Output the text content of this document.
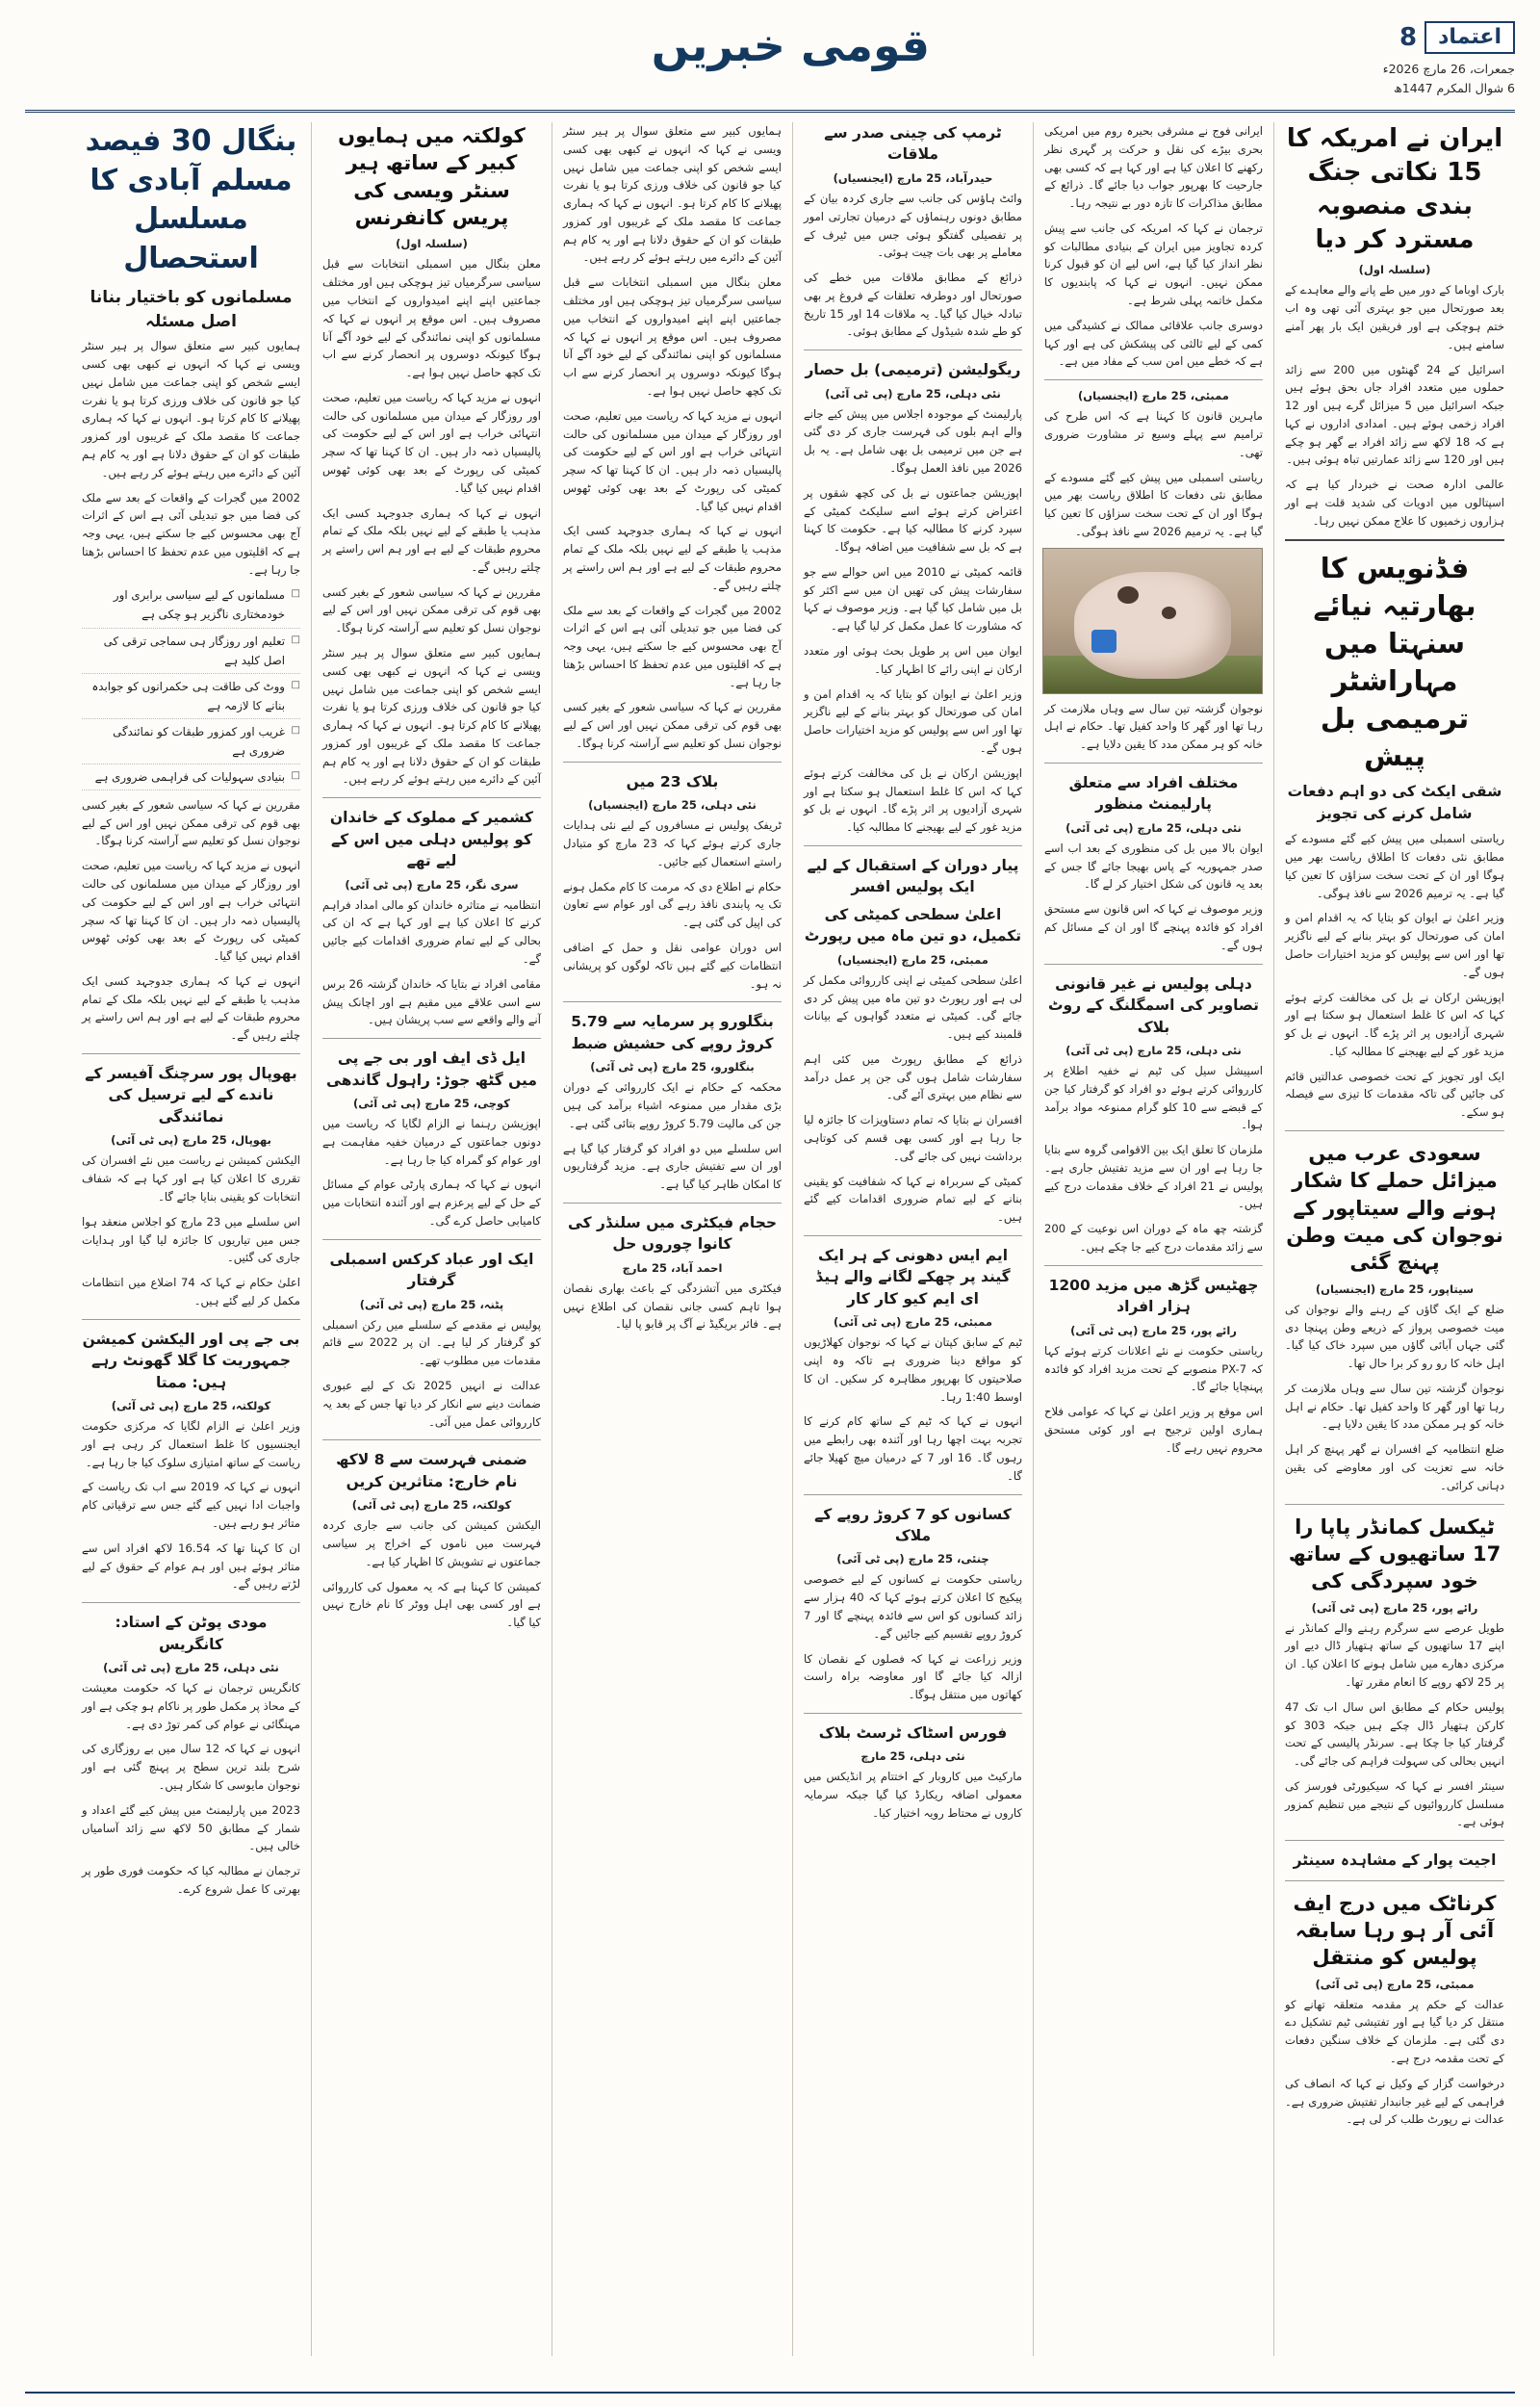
اعتماد
8
جمعرات، 26 مارچ 2026ء
6 شوال المکرم 1447ھ
قومی خبریں
ایران نے امریکہ کا 15 نکاتی جنگ بندی منصوبہ مسترد کر دیا
(سلسلہ اول)

بارک اوباما کے دور میں طے پانے والے معاہدے کے بعد صورتحال میں جو بہتری آئی تھی وہ اب ختم ہوچکی ہے اور فریقین ایک بار پھر آمنے سامنے ہیں۔

اسرائیل کے 24 گھنٹوں میں 200 سے زائد حملوں میں متعدد افراد جاں بحق ہوئے ہیں جبکہ اسرائیل میں 5 میزائل گرے ہیں اور 12 افراد زخمی ہوئے ہیں۔ امدادی اداروں نے کہا ہے کہ 18 لاکھ سے زائد افراد بے گھر ہو چکے ہیں اور 120 سے زائد عمارتیں تباہ ہوئی ہیں۔

عالمی ادارہ صحت نے خبردار کیا ہے کہ اسپتالوں میں ادویات کی شدید قلت ہے اور ہزاروں زخمیوں کا علاج ممکن نہیں رہا۔

فڈنویس کا بھارتیہ نیائے سنہتا میں مہاراشٹر ترمیمی بل پیش
شقی ایکٹ کی دو اہم دفعات شامل کرنے کی تجویز

ریاستی اسمبلی میں پیش کیے گئے مسودے کے مطابق نئی دفعات کا اطلاق ریاست بھر میں ہوگا اور ان کے تحت سخت سزاؤں کا تعین کیا گیا ہے۔ یہ ترمیم 2026 سے نافذ ہوگی۔

وزیر اعلیٰ نے ایوان کو بتایا کہ یہ اقدام امن و امان کی صورتحال کو بہتر بنانے کے لیے ناگزیر تھا اور اس سے پولیس کو مزید اختیارات حاصل ہوں گے۔

اپوزیشن ارکان نے بل کی مخالفت کرتے ہوئے کہا کہ اس کا غلط استعمال ہو سکتا ہے اور شہری آزادیوں پر اثر پڑے گا۔ انہوں نے بل کو مزید غور کے لیے بھیجنے کا مطالبہ کیا۔

ایک اور تجویز کے تحت خصوصی عدالتیں قائم کی جائیں گی تاکہ مقدمات کا تیزی سے فیصلہ ہو سکے۔

سعودی عرب میں میزائل حملے کا شکار ہونے والے سیتاپور کے نوجوان کی میت وطن پہنچ گئی
سیتاپور، 25 مارچ (ایجنسیاں)

ضلع کے ایک گاؤں کے رہنے والے نوجوان کی میت خصوصی پرواز کے ذریعے وطن پہنچا دی گئی جہاں آبائی گاؤں میں سپرد خاک کیا گیا۔ اہل خانہ کا رو رو کر برا حال تھا۔

نوجوان گزشتہ تین سال سے وہاں ملازمت کر رہا تھا اور گھر کا واحد کفیل تھا۔ حکام نے اہل خانہ کو ہر ممکن مدد کا یقین دلایا ہے۔

ضلع انتظامیہ کے افسران نے گھر پہنچ کر اہل خانہ سے تعزیت کی اور معاوضے کی یقین دہانی کرائی۔

ٹیکسل کمانڈر پاپا را 17 ساتھیوں کے ساتھ خود سپردگی کی
رائے پور، 25 مارچ (پی ٹی آئی)

طویل عرصے سے سرگرم رہنے والے کمانڈر نے اپنے 17 ساتھیوں کے ساتھ ہتھیار ڈال دیے اور مرکزی دھارے میں شامل ہونے کا اعلان کیا۔ ان پر 25 لاکھ روپے کا انعام مقرر تھا۔

پولیس حکام کے مطابق اس سال اب تک 47 کارکن ہتھیار ڈال چکے ہیں جبکہ 303 کو گرفتار کیا جا چکا ہے۔ سرنڈر پالیسی کے تحت انہیں بحالی کی سہولت فراہم کی جائے گی۔

سینئر افسر نے کہا کہ سیکیورٹی فورسز کی مسلسل کارروائیوں کے نتیجے میں تنظیم کمزور ہوئی ہے۔

اجیت پوار کے مشاہدہ سینٹر
کرناٹک میں درج ایف آئی آر ہو رہا سابقہ پولیس کو منتقل
ممبئی، 25 مارچ (پی ٹی آئی)

عدالت کے حکم پر مقدمہ متعلقہ تھانے کو منتقل کر دیا گیا ہے اور تفتیشی ٹیم تشکیل دے دی گئی ہے۔ ملزمان کے خلاف سنگین دفعات کے تحت مقدمہ درج ہے۔

درخواست گزار کے وکیل نے کہا کہ انصاف کی فراہمی کے لیے غیر جانبدار تفتیش ضروری ہے۔ عدالت نے رپورٹ طلب کر لی ہے۔

ایرانی فوج نے مشرقی بحیرہ روم میں امریکی بحری بیڑے کی نقل و حرکت پر گہری نظر رکھنے کا اعلان کیا ہے اور کہا ہے کہ کسی بھی جارحیت کا بھرپور جواب دیا جائے گا۔ ذرائع کے مطابق مذاکرات کا تازہ دور بے نتیجہ رہا۔

ترجمان نے کہا کہ امریکہ کی جانب سے پیش کردہ تجاویز میں ایران کے بنیادی مطالبات کو نظر انداز کیا گیا ہے، اس لیے ان کو قبول کرنا ممکن نہیں۔ انہوں نے کہا کہ پابندیوں کا مکمل خاتمہ پہلی شرط ہے۔

دوسری جانب علاقائی ممالک نے کشیدگی میں کمی کے لیے ثالثی کی پیشکش کی ہے اور کہا ہے کہ خطے میں امن سب کے مفاد میں ہے۔

ممبئی، 25 مارچ (ایجنسیاں)

ماہرین قانون کا کہنا ہے کہ اس طرح کی ترامیم سے پہلے وسیع تر مشاورت ضروری تھی۔

ریاستی اسمبلی میں پیش کیے گئے مسودے کے مطابق نئی دفعات کا اطلاق ریاست بھر میں ہوگا اور ان کے تحت سخت سزاؤں کا تعین کیا گیا ہے۔ یہ ترمیم 2026 سے نافذ ہوگی۔

نوجوان گزشتہ تین سال سے وہاں ملازمت کر رہا تھا اور گھر کا واحد کفیل تھا۔ حکام نے اہل خانہ کو ہر ممکن مدد کا یقین دلایا ہے۔

مختلف افراد سے متعلق پارلیمنٹ منظور
نئی دہلی، 25 مارچ (پی ٹی آئی)

ایوان بالا میں بل کی منظوری کے بعد اب اسے صدر جمہوریہ کے پاس بھیجا جائے گا جس کے بعد یہ قانون کی شکل اختیار کر لے گا۔

وزیر موصوف نے کہا کہ اس قانون سے مستحق افراد کو فائدہ پہنچے گا اور ان کے مسائل کم ہوں گے۔

دہلی پولیس نے غیر قانونی تصاویر کی اسمگلنگ کے روٹ بلاک
نئی دہلی، 25 مارچ (پی ٹی آئی)

اسپیشل سیل کی ٹیم نے خفیہ اطلاع پر کارروائی کرتے ہوئے دو افراد کو گرفتار کیا جن کے قبضے سے 10 کلو گرام ممنوعہ مواد برآمد ہوا۔

ملزمان کا تعلق ایک بین الاقوامی گروہ سے بتایا جا رہا ہے اور ان سے مزید تفتیش جاری ہے۔ پولیس نے 21 افراد کے خلاف مقدمات درج کیے ہیں۔

گزشتہ چھ ماہ کے دوران اس نوعیت کے 200 سے زائد مقدمات درج کیے جا چکے ہیں۔

چھٹیس گڑھ میں مزید 1200 ہزار افراد
رائے پور، 25 مارچ (پی ٹی آئی)

ریاستی حکومت نے نئے اعلانات کرتے ہوئے کہا کہ PX-7 منصوبے کے تحت مزید افراد کو فائدہ پہنچایا جائے گا۔

اس موقع پر وزیر اعلیٰ نے کہا کہ عوامی فلاح ہماری اولین ترجیح ہے اور کوئی مستحق محروم نہیں رہے گا۔

ٹرمپ کی چینی صدر سے ملاقات
حیدرآباد، 25 مارچ (ایجنسیاں)

وائٹ ہاؤس کی جانب سے جاری کردہ بیان کے مطابق دونوں رہنماؤں کے درمیان تجارتی امور پر تفصیلی گفتگو ہوئی جس میں ٹیرف کے معاملے پر بھی بات چیت ہوئی۔

ذرائع کے مطابق ملاقات میں خطے کی صورتحال اور دوطرفہ تعلقات کے فروغ پر بھی تبادلہ خیال کیا گیا۔ یہ ملاقات 14 اور 15 تاریخ کو طے شدہ شیڈول کے مطابق ہوئی۔

ریگولیشن (ترمیمی) بل حصار
نئی دہلی، 25 مارچ (پی ٹی آئی)

پارلیمنٹ کے موجودہ اجلاس میں پیش کیے جانے والے اہم بلوں کی فہرست جاری کر دی گئی ہے جن میں ترمیمی بل بھی شامل ہے۔ یہ بل 2026 میں نافذ العمل ہوگا۔

اپوزیشن جماعتوں نے بل کی کچھ شقوں پر اعتراض کرتے ہوئے اسے سلیکٹ کمیٹی کے سپرد کرنے کا مطالبہ کیا ہے۔ حکومت کا کہنا ہے کہ بل سے شفافیت میں اضافہ ہوگا۔

قائمہ کمیٹی نے 2010 میں اس حوالے سے جو سفارشات پیش کی تھیں ان میں سے اکثر کو بل میں شامل کیا گیا ہے۔ وزیر موصوف نے کہا کہ مشاورت کا عمل مکمل کر لیا گیا ہے۔

ایوان میں اس پر طویل بحث ہوئی اور متعدد ارکان نے اپنی رائے کا اظہار کیا۔

وزیر اعلیٰ نے ایوان کو بتایا کہ یہ اقدام امن و امان کی صورتحال کو بہتر بنانے کے لیے ناگزیر تھا اور اس سے پولیس کو مزید اختیارات حاصل ہوں گے۔

اپوزیشن ارکان نے بل کی مخالفت کرتے ہوئے کہا کہ اس کا غلط استعمال ہو سکتا ہے اور شہری آزادیوں پر اثر پڑے گا۔ انہوں نے بل کو مزید غور کے لیے بھیجنے کا مطالبہ کیا۔

پیار دوران کے استقبال کے لیے ایک پولیس افسر
اعلیٰ سطحی کمیٹی کی تکمیل، دو تین ماہ میں رپورٹ
ممبئی، 25 مارچ (ایجنسیاں)

اعلیٰ سطحی کمیٹی نے اپنی کارروائی مکمل کر لی ہے اور رپورٹ دو تین ماہ میں پیش کر دی جائے گی۔ کمیٹی نے متعدد گواہوں کے بیانات قلمبند کیے ہیں۔

ذرائع کے مطابق رپورٹ میں کئی اہم سفارشات شامل ہوں گی جن پر عمل درآمد سے نظام میں بہتری آئے گی۔

افسران نے بتایا کہ تمام دستاویزات کا جائزہ لیا جا رہا ہے اور کسی بھی قسم کی کوتاہی برداشت نہیں کی جائے گی۔

کمیٹی کے سربراہ نے کہا کہ شفافیت کو یقینی بنانے کے لیے تمام ضروری اقدامات کیے گئے ہیں۔

ایم ایس دھونی کے ہر ایک گیند پر چھکے لگانے والے ہیڈ ای ایم کیو کار کار
ممبئی، 25 مارچ (پی ٹی آئی)

ٹیم کے سابق کپتان نے کہا کہ نوجوان کھلاڑیوں کو مواقع دینا ضروری ہے تاکہ وہ اپنی صلاحیتوں کا بھرپور مظاہرہ کر سکیں۔ ان کا اوسط 1:40 رہا۔

انہوں نے کہا کہ ٹیم کے ساتھ کام کرنے کا تجربہ بہت اچھا رہا اور آئندہ بھی رابطے میں رہوں گا۔ 16 اور 7 کے درمیان میچ کھیلا جائے گا۔

کسانوں کو 7 کروڑ روپے کے ملاک
چنئی، 25 مارچ (پی ٹی آئی)

ریاستی حکومت نے کسانوں کے لیے خصوصی پیکیج کا اعلان کرتے ہوئے کہا کہ 40 ہزار سے زائد کسانوں کو اس سے فائدہ پہنچے گا اور 7 کروڑ روپے تقسیم کیے جائیں گے۔

وزیر زراعت نے کہا کہ فصلوں کے نقصان کا ازالہ کیا جائے گا اور معاوضہ براہ راست کھاتوں میں منتقل ہوگا۔

فورس اسٹاک ٹرسٹ بلاک
نئی دہلی، 25 مارچ

مارکیٹ میں کاروبار کے اختتام پر انڈیکس میں معمولی اضافہ ریکارڈ کیا گیا جبکہ سرمایہ کاروں نے محتاط رویہ اختیار کیا۔

ہمایوں کبیر سے متعلق سوال پر ہیر سنٹر ویسی نے کہا کہ انہوں نے کبھی بھی کسی ایسے شخص کو اپنی جماعت میں شامل نہیں کیا جو قانون کی خلاف ورزی کرتا ہو یا نفرت پھیلانے کا کام کرتا ہو۔ انہوں نے کہا کہ ہماری جماعت کا مقصد ملک کے غریبوں اور کمزور طبقات کو ان کے حقوق دلانا ہے اور یہ کام ہم آئین کے دائرے میں رہتے ہوئے کر رہے ہیں۔

معلن بنگال میں اسمبلی انتخابات سے قبل سیاسی سرگرمیاں تیز ہوچکی ہیں اور مختلف جماعتیں اپنے اپنے امیدواروں کے انتخاب میں مصروف ہیں۔ اس موقع پر انہوں نے کہا کہ مسلمانوں کو اپنی نمائندگی کے لیے خود آگے آنا ہوگا کیونکہ دوسروں پر انحصار کرنے سے اب تک کچھ حاصل نہیں ہوا ہے۔

انہوں نے مزید کہا کہ ریاست میں تعلیم، صحت اور روزگار کے میدان میں مسلمانوں کی حالت انتہائی خراب ہے اور اس کے لیے حکومت کی پالیسیاں ذمہ دار ہیں۔ ان کا کہنا تھا کہ سچر کمیٹی کی رپورٹ کے بعد بھی کوئی ٹھوس اقدام نہیں کیا گیا۔

انہوں نے کہا کہ ہماری جدوجہد کسی ایک مذہب یا طبقے کے لیے نہیں بلکہ ملک کے تمام محروم طبقات کے لیے ہے اور ہم اس راستے پر چلتے رہیں گے۔

2002 میں گجرات کے واقعات کے بعد سے ملک کی فضا میں جو تبدیلی آئی ہے اس کے اثرات آج بھی محسوس کیے جا سکتے ہیں، یہی وجہ ہے کہ اقلیتوں میں عدم تحفظ کا احساس بڑھتا جا رہا ہے۔

مقررین نے کہا کہ سیاسی شعور کے بغیر کسی بھی قوم کی ترقی ممکن نہیں اور اس کے لیے نوجوان نسل کو تعلیم سے آراستہ کرنا ہوگا۔

بلاک 23 میں
نئی دہلی، 25 مارچ (ایجنسیاں)

ٹریفک پولیس نے مسافروں کے لیے نئی ہدایات جاری کرتے ہوئے کہا کہ 23 مارچ کو متبادل راستے استعمال کیے جائیں۔

حکام نے اطلاع دی کہ مرمت کا کام مکمل ہونے تک یہ پابندی نافذ رہے گی اور عوام سے تعاون کی اپیل کی گئی ہے۔

اس دوران عوامی نقل و حمل کے اضافی انتظامات کیے گئے ہیں تاکہ لوگوں کو پریشانی نہ ہو۔

بنگلورو پر سرمایہ سے 5.79 کروڑ روپے کی حشیش ضبط
بنگلورو، 25 مارچ (پی ٹی آئی)

محکمہ کے حکام نے ایک کارروائی کے دوران بڑی مقدار میں ممنوعہ اشیاء برآمد کی ہیں جن کی مالیت 5.79 کروڑ روپے بتائی گئی ہے۔

اس سلسلے میں دو افراد کو گرفتار کیا گیا ہے اور ان سے تفتیش جاری ہے۔ مزید گرفتاریوں کا امکان ظاہر کیا گیا ہے۔

حجام فیکٹری میں سلنڈر کی کانوا چوروں حل
احمد آباد، 25 مارچ

فیکٹری میں آتشزدگی کے باعث بھاری نقصان ہوا تاہم کسی جانی نقصان کی اطلاع نہیں ہے۔ فائر بریگیڈ نے آگ پر قابو پا لیا۔

کولکتہ میں ہمایوں کبیر کے ساتھ ہیر سنٹر ویسی کی پریس کانفرنس
(سلسلہ اول)

معلن بنگال میں اسمبلی انتخابات سے قبل سیاسی سرگرمیاں تیز ہوچکی ہیں اور مختلف جماعتیں اپنے اپنے امیدواروں کے انتخاب میں مصروف ہیں۔ اس موقع پر انہوں نے کہا کہ مسلمانوں کو اپنی نمائندگی کے لیے خود آگے آنا ہوگا کیونکہ دوسروں پر انحصار کرنے سے اب تک کچھ حاصل نہیں ہوا ہے۔

انہوں نے مزید کہا کہ ریاست میں تعلیم، صحت اور روزگار کے میدان میں مسلمانوں کی حالت انتہائی خراب ہے اور اس کے لیے حکومت کی پالیسیاں ذمہ دار ہیں۔ ان کا کہنا تھا کہ سچر کمیٹی کی رپورٹ کے بعد بھی کوئی ٹھوس اقدام نہیں کیا گیا۔

انہوں نے کہا کہ ہماری جدوجہد کسی ایک مذہب یا طبقے کے لیے نہیں بلکہ ملک کے تمام محروم طبقات کے لیے ہے اور ہم اس راستے پر چلتے رہیں گے۔

مقررین نے کہا کہ سیاسی شعور کے بغیر کسی بھی قوم کی ترقی ممکن نہیں اور اس کے لیے نوجوان نسل کو تعلیم سے آراستہ کرنا ہوگا۔

ہمایوں کبیر سے متعلق سوال پر ہیر سنٹر ویسی نے کہا کہ انہوں نے کبھی بھی کسی ایسے شخص کو اپنی جماعت میں شامل نہیں کیا جو قانون کی خلاف ورزی کرتا ہو یا نفرت پھیلانے کا کام کرتا ہو۔ انہوں نے کہا کہ ہماری جماعت کا مقصد ملک کے غریبوں اور کمزور طبقات کو ان کے حقوق دلانا ہے اور یہ کام ہم آئین کے دائرے میں رہتے ہوئے کر رہے ہیں۔

کشمیر کے مملوک کے خاندان کو پولیس دہلی میں اس کے لیے تھے
سری نگر، 25 مارچ (پی ٹی آئی)

انتظامیہ نے متاثرہ خاندان کو مالی امداد فراہم کرنے کا اعلان کیا ہے اور کہا ہے کہ ان کی بحالی کے لیے تمام ضروری اقدامات کیے جائیں گے۔

مقامی افراد نے بتایا کہ خاندان گزشتہ 26 برس سے اسی علاقے میں مقیم ہے اور اچانک پیش آنے والے واقعے سے سب پریشان ہیں۔

ایل ڈی ایف اور بی جے پی میں گٹھ جوڑ: راہول گاندھی
کوچی، 25 مارچ (پی ٹی آئی)

اپوزیشن رہنما نے الزام لگایا کہ ریاست میں دونوں جماعتوں کے درمیان خفیہ مفاہمت ہے اور عوام کو گمراہ کیا جا رہا ہے۔

انہوں نے کہا کہ ہماری پارٹی عوام کے مسائل کے حل کے لیے پرعزم ہے اور آئندہ انتخابات میں کامیابی حاصل کرے گی۔

ایک اور عباد کرکس اسمبلی گرفتار
پٹنہ، 25 مارچ (پی ٹی آئی)

پولیس نے مقدمے کے سلسلے میں رکن اسمبلی کو گرفتار کر لیا ہے۔ ان پر 2022 سے قائم مقدمات میں مطلوب تھے۔

عدالت نے انہیں 2025 تک کے لیے عبوری ضمانت دینے سے انکار کر دیا تھا جس کے بعد یہ کارروائی عمل میں آئی۔

ضمنی فہرست سے 8 لاکھ نام خارج: متاثرین کریں
کولکتہ، 25 مارچ (پی ٹی آئی)

الیکشن کمیشن کی جانب سے جاری کردہ فہرست میں ناموں کے اخراج پر سیاسی جماعتوں نے تشویش کا اظہار کیا ہے۔

کمیشن کا کہنا ہے کہ یہ معمول کی کارروائی ہے اور کسی بھی اہل ووٹر کا نام خارج نہیں کیا گیا۔

بنگال 30 فیصد مسلم آبادی کا مسلسل استحصال
مسلمانوں کو باختیار بنانا اصل مسئلہ

ہمایوں کبیر سے متعلق سوال پر ہیر سنٹر ویسی نے کہا کہ انہوں نے کبھی بھی کسی ایسے شخص کو اپنی جماعت میں شامل نہیں کیا جو قانون کی خلاف ورزی کرتا ہو یا نفرت پھیلانے کا کام کرتا ہو۔ انہوں نے کہا کہ ہماری جماعت کا مقصد ملک کے غریبوں اور کمزور طبقات کو ان کے حقوق دلانا ہے اور یہ کام ہم آئین کے دائرے میں رہتے ہوئے کر رہے ہیں۔

2002 میں گجرات کے واقعات کے بعد سے ملک کی فضا میں جو تبدیلی آئی ہے اس کے اثرات آج بھی محسوس کیے جا سکتے ہیں، یہی وجہ ہے کہ اقلیتوں میں عدم تحفظ کا احساس بڑھتا جا رہا ہے۔

□ مسلمانوں کے لیے سیاسی برابری اور خودمختاری ناگزیر ہو چکی ہے
□ تعلیم اور روزگار ہی سماجی ترقی کی اصل کلید ہے
□ ووٹ کی طاقت ہی حکمرانوں کو جوابدہ بنانے کا لازمہ ہے
□ غریب اور کمزور طبقات کو نمائندگی ضروری ہے
□ بنیادی سہولیات کی فراہمی ضروری ہے

مقررین نے کہا کہ سیاسی شعور کے بغیر کسی بھی قوم کی ترقی ممکن نہیں اور اس کے لیے نوجوان نسل کو تعلیم سے آراستہ کرنا ہوگا۔

انہوں نے مزید کہا کہ ریاست میں تعلیم، صحت اور روزگار کے میدان میں مسلمانوں کی حالت انتہائی خراب ہے اور اس کے لیے حکومت کی پالیسیاں ذمہ دار ہیں۔ ان کا کہنا تھا کہ سچر کمیٹی کی رپورٹ کے بعد بھی کوئی ٹھوس اقدام نہیں کیا گیا۔

انہوں نے کہا کہ ہماری جدوجہد کسی ایک مذہب یا طبقے کے لیے نہیں بلکہ ملک کے تمام محروم طبقات کے لیے ہے اور ہم اس راستے پر چلتے رہیں گے۔

بھوپال پور سرچنگ آفیسر کے ناندے کے لیے ترسیل کی نمائندگی
بھوپال، 25 مارچ (پی ٹی آئی)

الیکشن کمیشن نے ریاست میں نئے افسران کی تقرری کا اعلان کیا ہے اور کہا ہے کہ شفاف انتخابات کو یقینی بنایا جائے گا۔

اس سلسلے میں 23 مارچ کو اجلاس منعقد ہوا جس میں تیاریوں کا جائزہ لیا گیا اور ہدایات جاری کی گئیں۔

اعلیٰ حکام نے کہا کہ 74 اضلاع میں انتظامات مکمل کر لیے گئے ہیں۔

بی جے پی اور الیکشن کمیشن جمہوریت کا گلا گھونٹ رہے ہیں: ممتا
کولکتہ، 25 مارچ (پی ٹی آئی)

وزیر اعلیٰ نے الزام لگایا کہ مرکزی حکومت ایجنسیوں کا غلط استعمال کر رہی ہے اور ریاست کے ساتھ امتیازی سلوک کیا جا رہا ہے۔

انہوں نے کہا کہ 2019 سے اب تک ریاست کے واجبات ادا نہیں کیے گئے جس سے ترقیاتی کام متاثر ہو رہے ہیں۔

ان کا کہنا تھا کہ 16.54 لاکھ افراد اس سے متاثر ہوئے ہیں اور ہم عوام کے حقوق کے لیے لڑتے رہیں گے۔

مودی پوٹن کے استاد: کانگریس
نئی دہلی، 25 مارچ (پی ٹی آئی)

کانگریس ترجمان نے کہا کہ حکومت معیشت کے محاذ پر مکمل طور پر ناکام ہو چکی ہے اور مہنگائی نے عوام کی کمر توڑ دی ہے۔

انہوں نے کہا کہ 12 سال میں بے روزگاری کی شرح بلند ترین سطح پر پہنچ گئی ہے اور نوجوان مایوسی کا شکار ہیں۔

2023 میں پارلیمنٹ میں پیش کیے گئے اعداد و شمار کے مطابق 50 لاکھ سے زائد آسامیاں خالی ہیں۔

ترجمان نے مطالبہ کیا کہ حکومت فوری طور پر بھرتی کا عمل شروع کرے۔
